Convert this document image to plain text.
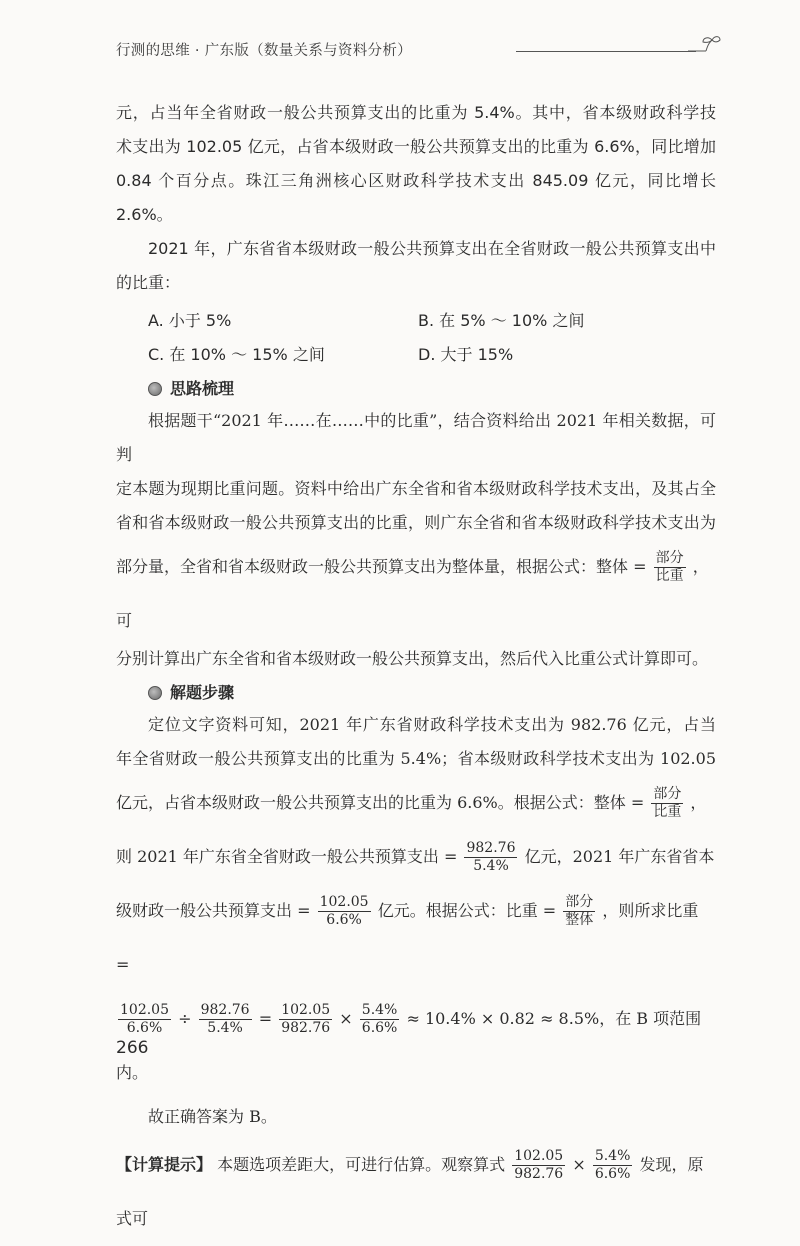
行测的思维 · 广东版（数量关系与资料分析）

元，占当年全省财政一般公共预算支出的比重为 5.4%。其中，省本级财政科学技

术支出为 102.05 亿元，占省本级财政一般公共预算支出的比重为 6.6%，同比增加

0.84 个百分点。珠江三角洲核心区财政科学技术支出 845.09 亿元，同比增长 2.6%。

2021 年，广东省省本级财政一般公共预算支出在全省财政一般公共预算支出中

的比重：

A. 小于 5%	B. 在 5% ～ 10% 之间
C. 在 10% ～ 15% 之间	D. 大于 15%
思路梳理

根据题干“2021 年……在……中的比重”，结合资料给出 2021 年相关数据，可判

定本题为现期比重问题。资料中给出广东全省和省本级财政科学技术支出，及其占全

省和省本级财政一般公共预算支出的比重，则广东全省和省本级财政科学技术支出为

部分量，全省和省本级财政一般公共预算支出为整体量，根据公式：整体 = $\frac{\text{部分}}{\text{比重}}$ ，可

分别计算出广东全省和省本级财政一般公共预算支出，然后代入比重公式计算即可。

解题步骤

定位文字资料可知，2021 年广东省财政科学技术支出为 982.76 亿元，占当

年全省财政一般公共预算支出的比重为 5.4%；省本级财政科学技术支出为 102.05

亿元，占省本级财政一般公共预算支出的比重为 6.6%。根据公式：整体 = $\frac{\text{部分}}{\text{比重}}$ ，

则 2021 年广东省全省财政一般公共预算支出 = $\frac{982.76}{5.4\%}$ 亿元，2021 年广东省省本

级财政一般公共预算支出 = $\frac{102.05}{6.6\%}$ 亿元。根据公式：比重 = $\frac{\text{部分}}{\text{整体}}$ ，则所求比重 =

$\frac{102.05}{6.6\%} \div \frac{982.76}{5.4\%} = \frac{102.05}{982.76} \times \frac{5.4\%}{6.6\%} \approx 10.4\% \times 0.82 \approx 8.5\%$，在 B 项范围内。

故正确答案为 B。

【计算提示】 本题选项差距大，可进行估算。观察算式 $\frac{102.05}{982.76} \times \frac{5.4\%}{6.6\%}$ 发现，原式可

266
